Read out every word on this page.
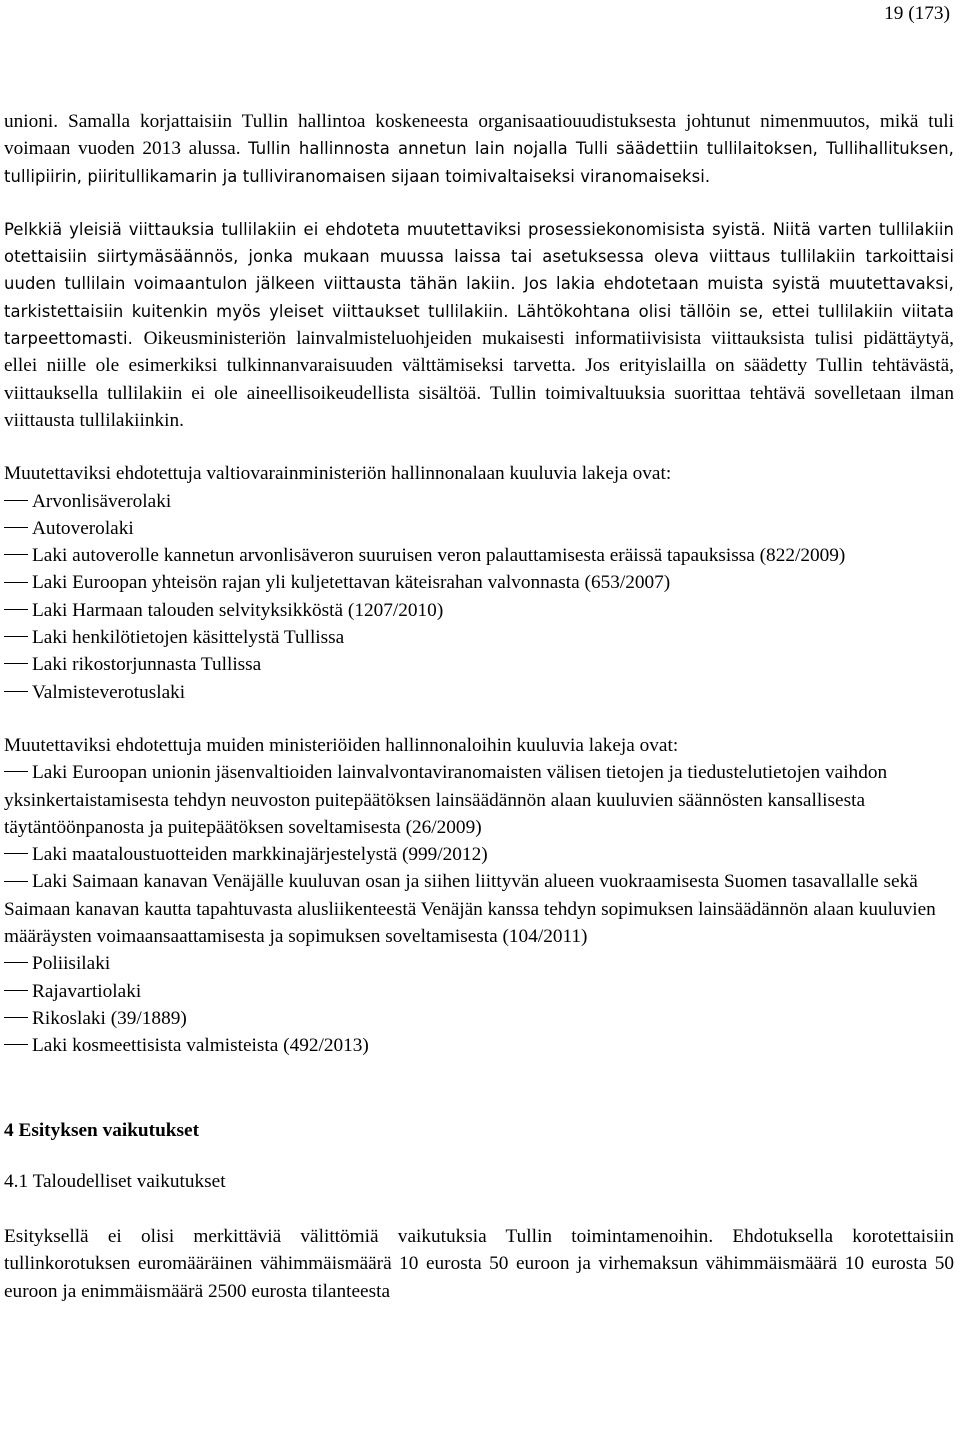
19 (173)

unioni. Samalla korjattaisiin Tullin hallintoa koskeneesta organisaatiouudistuksesta johtunut nimenmuutos, mikä tuli voimaan vuoden 2013 alussa. Tullin hallinnosta annetun lain nojalla Tulli säädettiin tullilaitoksen, Tullihallituksen, tullipiirin, piiritullikamarin ja tulliviranomaisen sijaan toimivaltaiseksi viranomaiseksi.

Pelkkiä yleisiä viittauksia tullilakiin ei ehdoteta muutettaviksi prosessiekonomisista syistä. Niitä varten tullilakiin otettaisiin siirtymäsäännös, jonka mukaan muussa laissa tai asetuksessa oleva viittaus tullilakiin tarkoittaisi uuden tullilain voimaantulon jälkeen viittausta tähän lakiin. Jos lakia ehdotetaan muista syistä muutettavaksi, tarkistettaisiin kuitenkin myös yleiset viittaukset tullilakiin. Lähtökohtana olisi tällöin se, ettei tullilakiin viitata tarpeettomasti. Oikeusministeriön lainvalmisteluohjeiden mukaisesti informatiivisista viittauksista tulisi pidättäytyä, ellei niille ole esimerkiksi tulkinnanvaraisuuden välttämiseksi tarvetta. Jos erityislailla on säädetty Tullin tehtävästä, viittauksella tullilakiin ei ole aineellisoikeudellista sisältöä. Tullin toimivaltuuksia suorittaa tehtävä sovelletaan ilman viittausta tullilakiinkin.

Muutettaviksi ehdotettuja valtiovarainministeriön hallinnonalaan kuuluvia lakeja ovat:

Arvonlisäverolaki

Autoverolaki

Laki autoverolle kannetun arvonlisäveron suuruisen veron palauttamisesta eräissä tapauksissa (822/2009)

Laki Euroopan yhteisön rajan yli kuljetettavan käteisrahan valvonnasta (653/2007)

Laki Harmaan talouden selvityksikköstä (1207/2010)

Laki henkilötietojen käsittelystä Tullissa

Laki rikostorjunnasta Tullissa

Valmisteverotuslaki

Muutettaviksi ehdotettuja muiden ministeriöiden hallinnonaloihin kuuluvia lakeja ovat:

Laki Euroopan unionin jäsenvaltioiden lainvalvontaviranomaisten välisen tietojen ja tiedustelutietojen vaihdon yksinkertaistamisesta tehdyn neuvoston puitepäätöksen lainsäädännön alaan kuuluvien säännösten kansallisesta täytäntöönpanosta ja puitepäätöksen soveltamisesta (26/2009)

Laki maataloustuotteiden markkinajärjestelystä (999/2012)

Laki Saimaan kanavan Venäjälle kuuluvan osan ja siihen liittyvän alueen vuokraamisesta Suomen tasavallalle sekä Saimaan kanavan kautta tapahtuvasta alusliikenteestä Venäjän kanssa tehdyn sopimuksen lainsäädännön alaan kuuluvien määräysten voimaansaattamisesta ja sopimuksen soveltamisesta (104/2011)

Poliisilaki

Rajavartiolaki

Rikoslaki (39/1889)

Laki kosmeettisista valmisteista (492/2013)

4 Esityksen vaikutukset

4.1 Taloudelliset vaikutukset

Esityksellä ei olisi merkittäviä välittömiä vaikutuksia Tullin toimintamenoihin. Ehdotuksella korotettaisiin tullinkorotuksen euromääräinen vähimmäismäärä 10 eurosta 50 euroon ja virhemaksun vähimmäismäärä 10 eurosta 50 euroon ja enimmäismäärä 2500 eurosta tilanteesta
